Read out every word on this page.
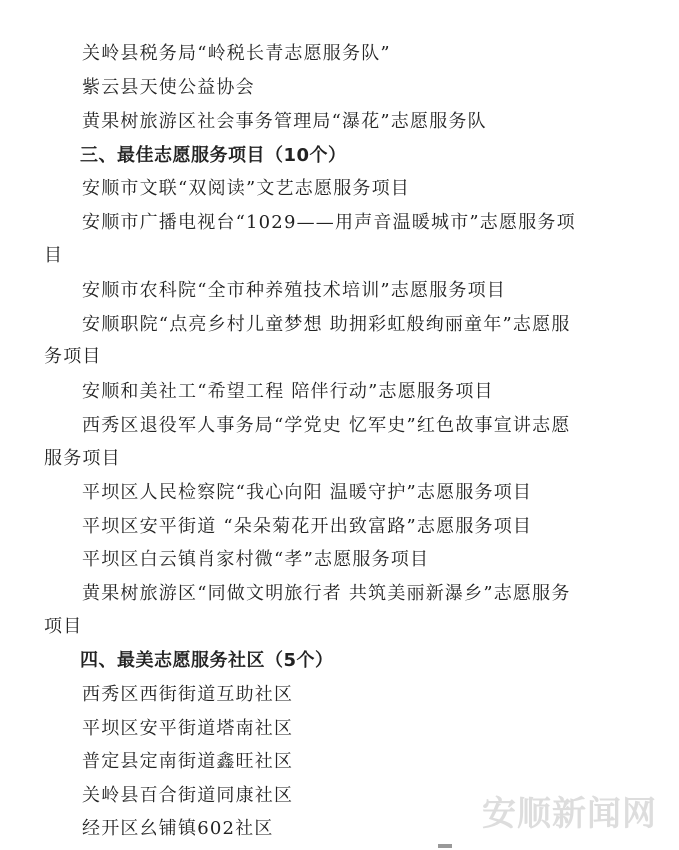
关岭县税务局“岭税长青志愿服务队”
紫云县天使公益协会
黄果树旅游区社会事务管理局“瀑花”志愿服务队
三、最佳志愿服务项目（10个）
安顺市文联“双阅读”文艺志愿服务项目
安顺市广播电视台“1029——用声音温暖城市”志愿服务项
目
安顺市农科院“全市种养殖技术培训”志愿服务项目
安顺职院“点亮乡村儿童梦想 助拥彩虹般绚丽童年”志愿服
务项目
安顺和美社工“希望工程 陪伴行动”志愿服务项目
西秀区退役军人事务局“学党史 忆军史”红色故事宣讲志愿
服务项目
平坝区人民检察院“我心向阳 温暖守护”志愿服务项目
平坝区安平街道 “朵朵菊花开出致富路”志愿服务项目
平坝区白云镇肖家村微“孝”志愿服务项目
黄果树旅游区“同做文明旅行者 共筑美丽新瀑乡”志愿服务
项目
四、最美志愿服务社区（5个）
西秀区西街街道互助社区
平坝区安平街道塔南社区
普定县定南街道鑫旺社区
关岭县百合街道同康社区
经开区幺铺镇602社区	安顺新闻网
